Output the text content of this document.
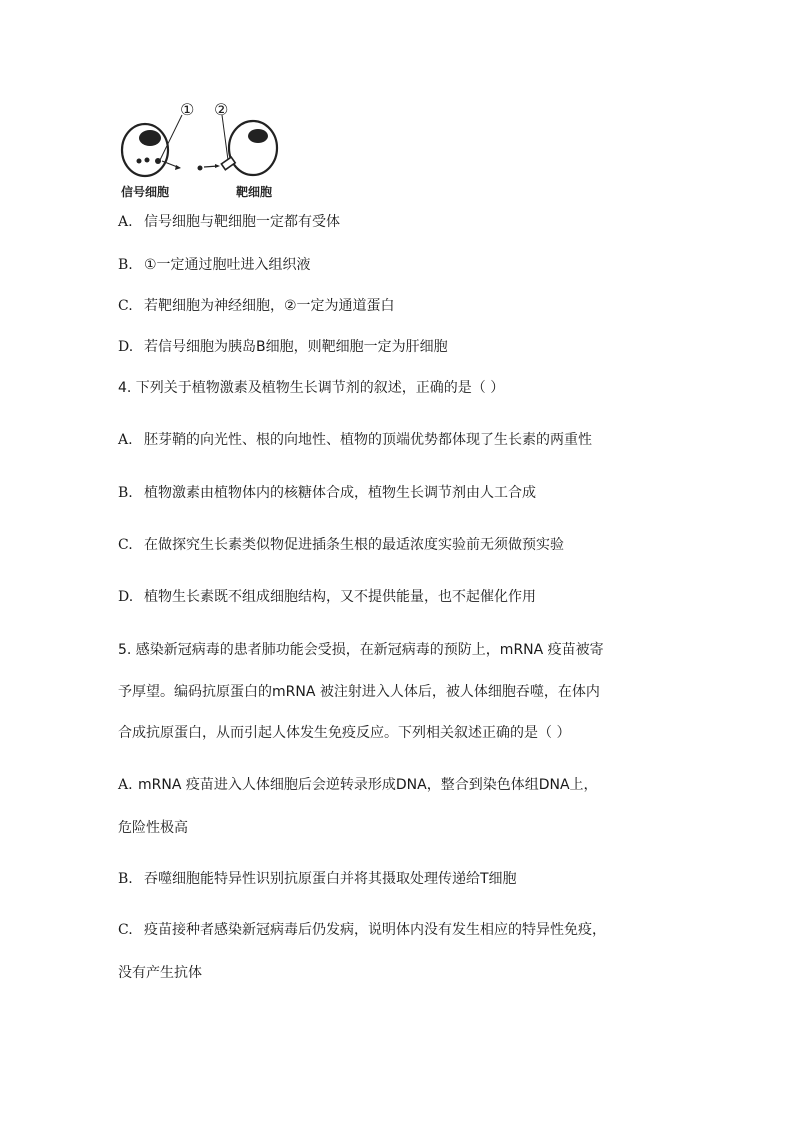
① ②
信号细胞	靶细胞
A. 信号细胞与靶细胞一定都有受体
B. ①一定通过胞吐进入组织液
C. 若靶细胞为神经细胞，②一定为通道蛋白
D. 若信号细胞为胰岛B细胞，则靶细胞一定为肝细胞
4. 下列关于植物激素及植物生长调节剂的叙述，正确的是（ ）
A. 胚芽鞘的向光性、根的向地性、植物的顶端优势都体现了生长素的两重性
B. 植物激素由植物体内的核糖体合成，植物生长调节剂由人工合成
C. 在做探究生长素类似物促进插条生根的最适浓度实验前无须做预实验
D. 植物生长素既不组成细胞结构，又不提供能量，也不起催化作用
5. 感染新冠病毒的患者肺功能会受损，在新冠病毒的预防上，mRNA 疫苗被寄
予厚望。编码抗原蛋白的mRNA 被注射进入人体后，被人体细胞吞噬，在体内
合成抗原蛋白，从而引起人体发生免疫反应。下列相关叙述正确的是（ ）
A. mRNA 疫苗进入人体细胞后会逆转录形成DNA，整合到染色体组DNA上，
危险性极高
B. 吞噬细胞能特异性识别抗原蛋白并将其摄取处理传递给T细胞
C. 疫苗接种者感染新冠病毒后仍发病，说明体内没有发生相应的特异性免疫，
没有产生抗体
